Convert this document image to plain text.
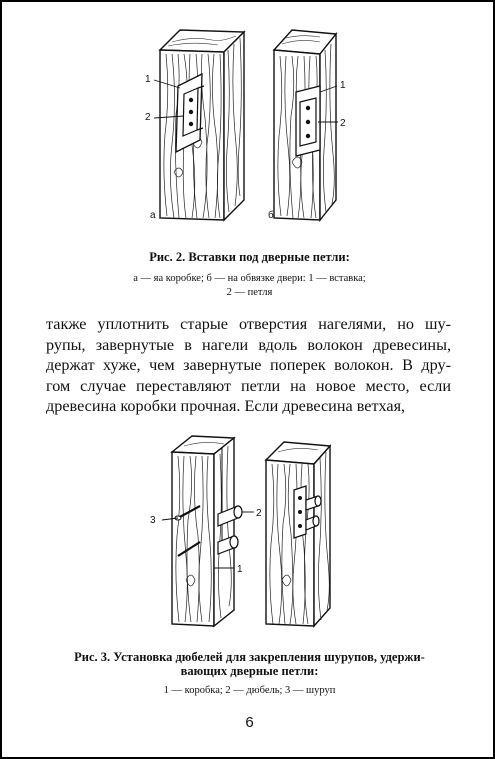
1
2
а
1
2
б
Рис. 2. Вставки под дверные петли:
а — яа коробке; б — на обвязке двери: 1 — вставка;
2 — петля
также уплотнить старые отверстия нагелями, но шу-
рупы, завернутые в нагели вдоль волокон древесины,
держат хуже, чем завернутые поперек волокон. В дру-
гом случае переставляют петли на новое место, если
древесина коробки прочная. Если древесина ветхая,
3
2
1
Рис. 3. Установка дюбелей для закрепления шурупов, удержи-
вающих дверные петли:
1 — коробка; 2 — дюбель; 3 — шуруп
6
